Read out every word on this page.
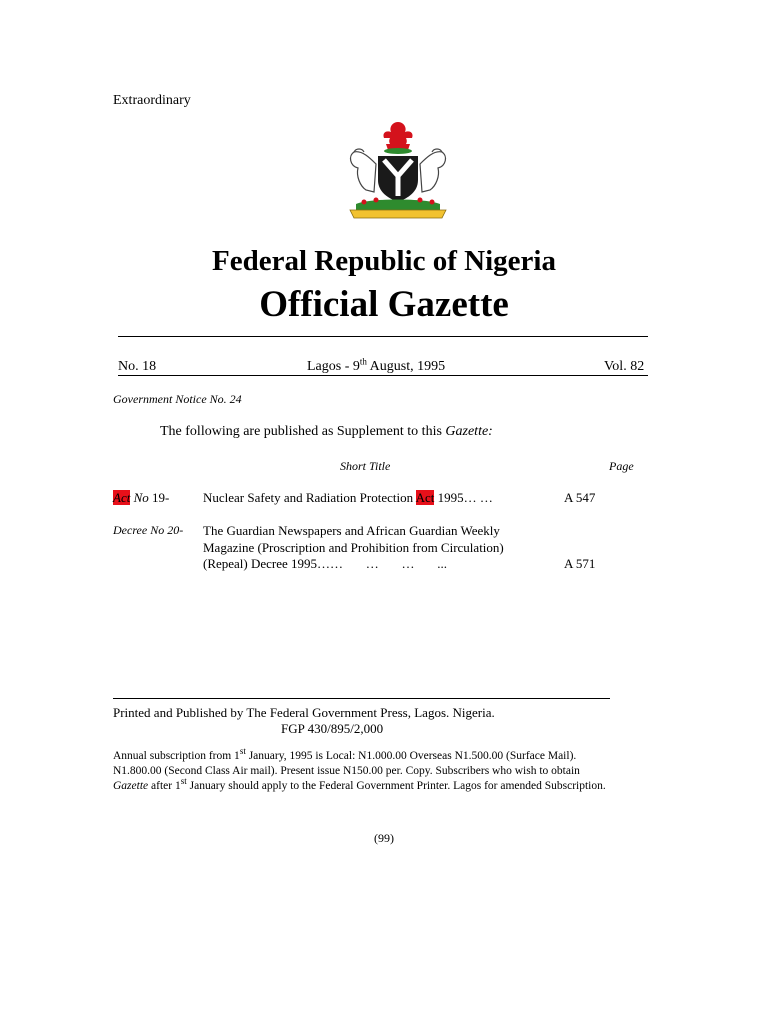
Extraordinary
Federal Republic of Nigeria
Official Gazette
No. 18	Lagos - 9th August, 1995	Vol. 82
Government Notice No. 24
The following are published as Supplement to this Gazette:
Short Title	Page
Act No 19-	Nuclear Safety and Radiation Protection Act 1995… …	A 547
Decree No 20- The Guardian Newspapers and African Guardian Weekly
Magazine (Proscription and Prohibition from Circulation)
(Repeal) Decree 1995……       …       …       ...	A 571
Printed and Published by The Federal Government Press, Lagos. Nigeria.
FGP 430/895/2,000
Annual subscription from 1st January, 1995 is Local: N1.000.00 Overseas N1.500.00 (Surface Mail).
N1.800.00 (Second Class Air mail). Present issue N150.00 per. Copy. Subscribers who wish to obtain
Gazette after 1st January should apply to the Federal Government Printer. Lagos for amended Subscription.
(99)
